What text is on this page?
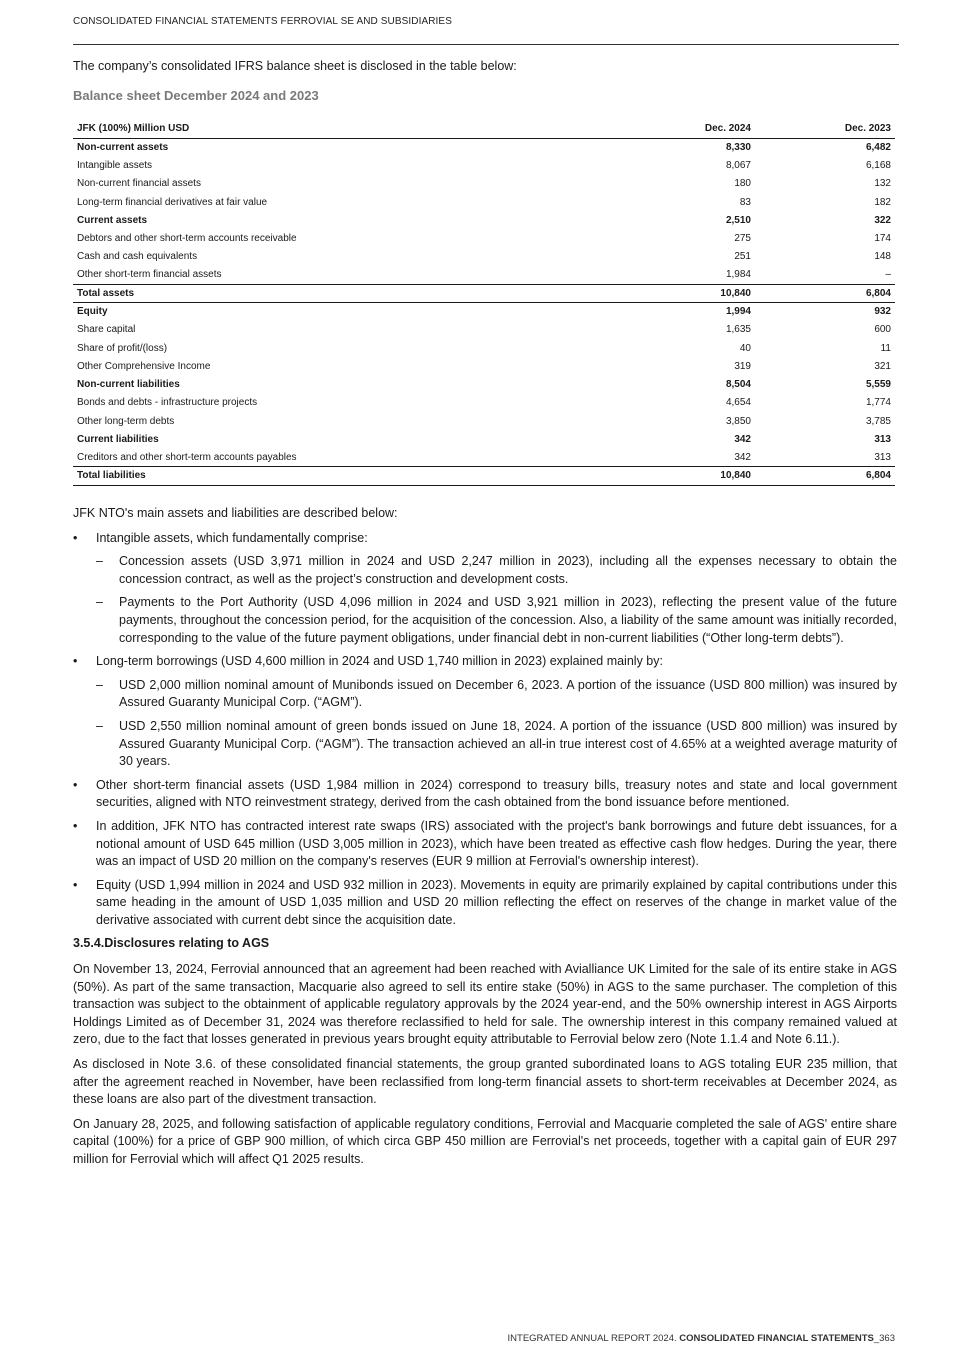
CONSOLIDATED FINANCIAL STATEMENTS FERROVIAL SE AND SUBSIDIARIES
The company’s consolidated IFRS balance sheet is disclosed in the table below:
Balance sheet December 2024 and 2023
JFK (100%) Million USD	Dec. 2024	Dec. 2023
Non-current assets	8,330	6,482
Intangible assets	8,067	6,168
Non-current financial assets	180	132
Long-term financial derivatives at fair value	83	182
Current assets	2,510	322
Debtors and other short-term accounts receivable	275	174
Cash and cash equivalents	251	148
Other short-term financial assets	1,984	–
Total assets	10,840	6,804
Equity	1,994	932
Share capital	1,635	600
Share of profit/(loss)	40	11
Other Comprehensive Income	319	321
Non-current liabilities	8,504	5,559
Bonds and debts - infrastructure projects	4,654	1,774
Other long-term debts	3,850	3,785
Current liabilities	342	313
Creditors and other short-term accounts payables	342	313
Total liabilities	10,840	6,804

JFK NTO's main assets and liabilities are described below:

• Intangible assets, which fundamentally comprise:
– Concession assets (USD 3,971 million in 2024 and USD 2,247 million in 2023), including all the expenses necessary to obtain the concession contract, as well as the project’s construction and development costs.
– Payments to the Port Authority (USD 4,096 million in 2024 and USD 3,921 million in 2023), reflecting the present value of the future payments, throughout the concession period, for the acquisition of the concession. Also, a liability of the same amount was initially recorded, corresponding to the value of the future payment obligations, under financial debt in non-current liabilities (“Other long-term debts”).
• Long-term borrowings (USD 4,600 million in 2024 and USD 1,740 million in 2023) explained mainly by:
– USD 2,000 million nominal amount of Munibonds issued on December 6, 2023. A portion of the issuance (USD 800 million) was insured by Assured Guaranty Municipal Corp. (“AGM”).
– USD 2,550 million nominal amount of green bonds issued on June 18, 2024. A portion of the issuance (USD 800 million) was insured by Assured Guaranty Municipal Corp. (“AGM”). The transaction achieved an all-in true interest cost of 4.65% at a weighted average maturity of 30 years.
• Other short-term financial assets (USD 1,984 million in 2024) correspond to treasury bills, treasury notes and state and local government securities, aligned with NTO reinvestment strategy, derived from the cash obtained from the bond issuance before mentioned.
• In addition, JFK NTO has contracted interest rate swaps (IRS) associated with the project's bank borrowings and future debt issuances, for a notional amount of USD 645 million (USD 3,005 million in 2023), which have been treated as effective cash flow hedges. During the year, there was an impact of USD 20 million on the company's reserves (EUR 9 million at Ferrovial's ownership interest).
• Equity (USD 1,994 million in 2024 and USD 932 million in 2023). Movements in equity are primarily explained by capital contributions under this same heading in the amount of USD 1,035 million and USD 20 million reflecting the effect on reserves of the change in market value of the derivative associated with current debt since the acquisition date.
3.5.4.Disclosures relating to AGS

On November 13, 2024, Ferrovial announced that an agreement had been reached with Avialliance UK Limited for the sale of its entire stake in AGS (50%). As part of the same transaction, Macquarie also agreed to sell its entire stake (50%) in AGS to the same purchaser. The completion of this transaction was subject to the obtainment of applicable regulatory approvals by the 2024 year-end, and the 50% ownership interest in AGS Airports Holdings Limited as of December 31, 2024 was therefore reclassified to held for sale. The ownership interest in this company remained valued at zero, due to the fact that losses generated in previous years brought equity attributable to Ferrovial below zero (Note 1.1.4 and Note 6.11.).

As disclosed in Note 3.6. of these consolidated financial statements, the group granted subordinated loans to AGS totaling EUR 235 million, that after the agreement reached in November, have been reclassified from long-term financial assets to short-term receivables at December 2024, as these loans are also part of the divestment transaction.

On January 28, 2025, and following satisfaction of applicable regulatory conditions, Ferrovial and Macquarie completed the sale of AGS' entire share capital (100%) for a price of GBP 900 million, of which circa GBP 450 million are Ferrovial's net proceeds, together with a capital gain of EUR 297 million for Ferrovial which will affect Q1 2025 results.

INTEGRATED ANNUAL REPORT 2024. CONSOLIDATED FINANCIAL STATEMENTS_363
